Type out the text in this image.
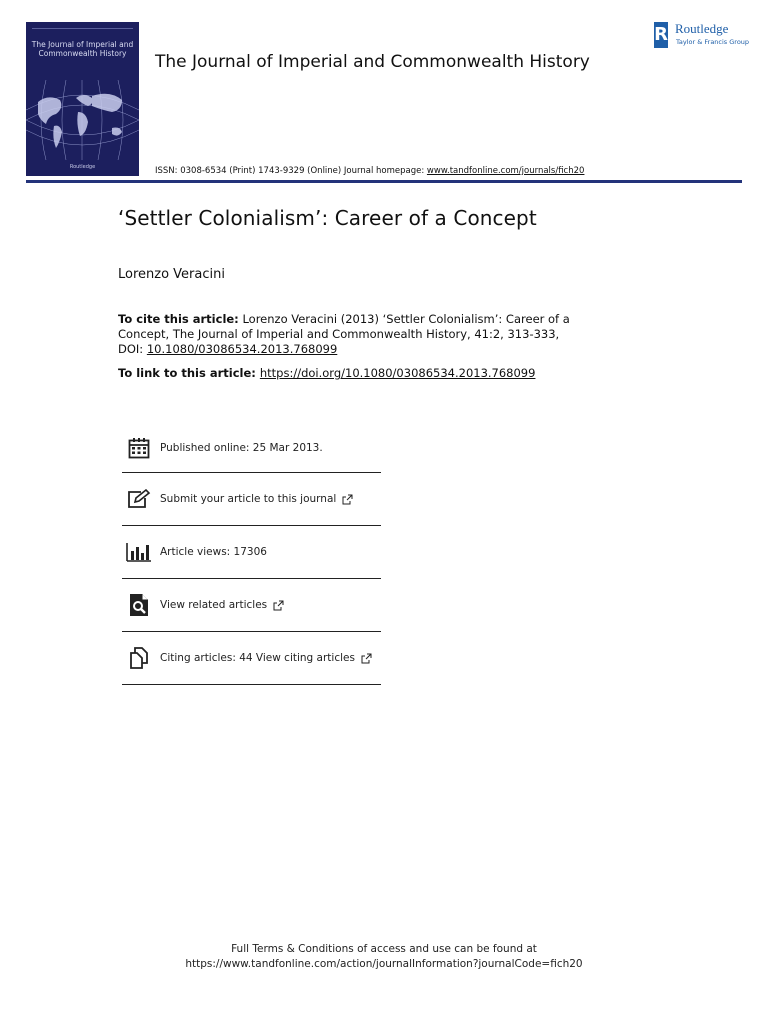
The Journal of Imperial and Commonwealth History
Routledge
The Journal of Imperial and Commonwealth History
R Routledge
Taylor & Francis Group
ISSN: 0308-6534 (Print) 1743-9329 (Online) Journal homepage: www.tandfonline.com/journals/fich20
‘Settler Colonialism’: Career of a Concept
Lorenzo Veracini
To cite this article: Lorenzo Veracini (2013) ‘Settler Colonialism’: Career of a Concept, The Journal of Imperial and Commonwealth History, 41:2, 313-333, DOI: 10.1080/03086534.2013.768099
To link to this article: https://doi.org/10.1080/03086534.2013.768099
Published online: 25 Mar 2013.
Submit your article to this journal
Article views: 17306
View related articles
Citing articles: 44 View citing articles
Full Terms & Conditions of access and use can be found at
https://www.tandfonline.com/action/journalInformation?journalCode=fich20
